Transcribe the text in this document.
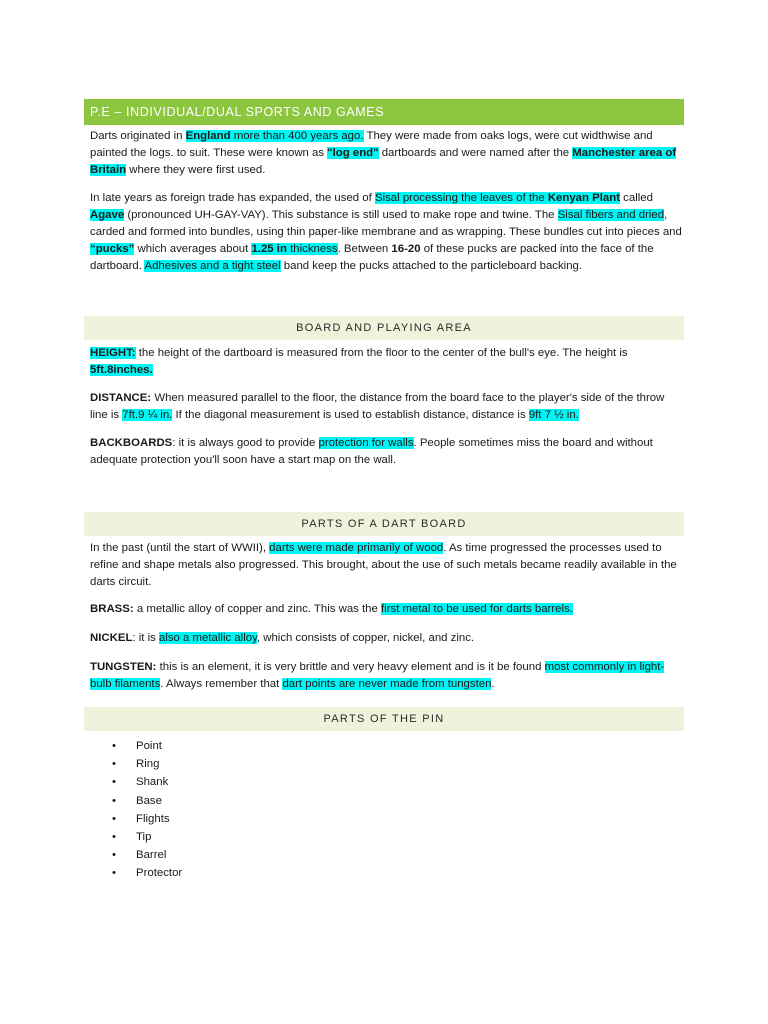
P.E – INDIVIDUAL/DUAL SPORTS AND GAMES

Darts originated in England more than 400 years ago. They were made from oaks logs, were cut widthwise and painted the logs. to suit. These were known as "log end" dartboards and were named after the Manchester area of Britain where they were first used.

In late years as foreign trade has expanded, the used of Sisal processing the leaves of the Kenyan Plant called Agave (pronounced UH-GAY-VAY). This substance is still used to make rope and twine. The Sisal fibers and dried, carded and formed into bundles, using thin paper-like membrane and as wrapping. These bundles cut into pieces and “pucks” which averages about 1.25 in thickness. Between 16-20 of these pucks are packed into the face of the dartboard. Adhesives and a tight steel band keep the pucks attached to the particleboard backing.

BOARD AND PLAYING AREA

HEIGHT: the height of the dartboard is measured from the floor to the center of the bull's eye. The height is 5ft.8inches.

DISTANCE: When measured parallel to the floor, the distance from the board face to the player's side of the throw line is 7ft.9 ¼ in. If the diagonal measurement is used to establish distance, distance is 9ft 7 ½ in.

BACKBOARDS: it is always good to provide protection for walls. People sometimes miss the board and without adequate protection you'll soon have a start map on the wall.

PARTS OF A DART BOARD

In the past (until the start of WWII), darts were made primarily of wood. As time progressed the processes used to refine and shape metals also progressed. This brought, about the use of such metals became readily available in the darts circuit.

BRASS: a metallic alloy of copper and zinc. This was the first metal to be used for darts barrels.

NICKEL: it is also a metallic alloy, which consists of copper, nickel, and zinc.

TUNGSTEN: this is an element, it is very brittle and very heavy element and is it be found most commonly in light-bulb filaments. Always remember that dart points are never made from tungsten.

PARTS OF THE PIN
• Point
• Ring
• Shank
• Base
• Flights
• Tip
• Barrel
• Protector
